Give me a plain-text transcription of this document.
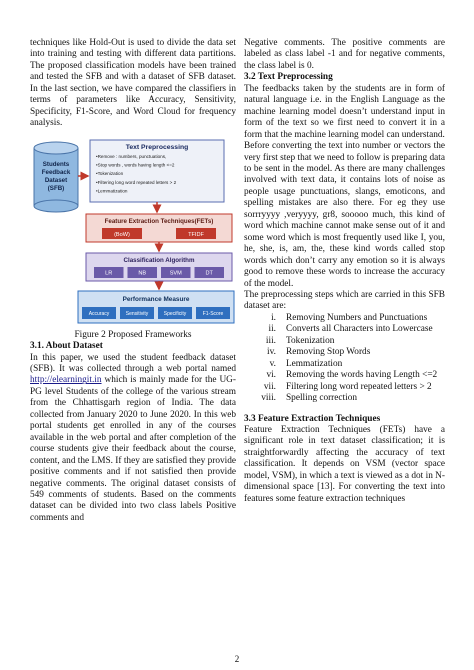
techniques like Hold-Out is used to divide the data set into training and testing with different data partitions. The proposed classification models have been trained and tested the SFB and with a dataset of SFB dataset. In the last section, we have compared the classifiers in terms of parameters like Accuracy, Sensitivity, Specificity, F1-Score, and Word Cloud for frequency analysis.

Students
Feedback
Dataset
(SFB)
Text Preprocessing
•Remove : numbers, punctuations,
•Stop words , words having length <=2
•Tokenization
•Filtering long word repeated letters > 2
•Lemmatization
Feature Extraction Techniques(FETs)
(BoW)	TFIDF
Classification Algorithm
LR	NB	SVM	DT
Performance Measure
Accuracy	Sensitivity	Specificity	F1-Score

Figure 2 Proposed Frameworks

3.1. About Dataset

In this paper, we used the student feedback dataset (SFB). It was collected through a web portal named http://elearningit.in which is mainly made for the UG-PG level Students of the college of the various stream from the Chhattisgarh region of India. The data collected from January 2020 to June 2020. In this web portal students get enrolled in any of the courses available in the web portal and after completion of the course students give their feedback about the course, content, and the LMS. If they are satisfied they provide positive comments and if not satisfied then provide negative comments. The original dataset consists of 549 comments of students. Based on the comments dataset can be divided into two class labels Positive comments and

Negative comments. The positive comments are labeled as class label -1 and for negative comments, the class label is 0.

3.2 Text Preprocessing

The feedbacks taken by the students are in form of natural language i.e. in the English Language as the machine learning model doesn’t understand input in form of the text so we first need to convert it in a form that the machine learning model can understand.

Before converting the text into number or vectors the very first step that we need to follow is preparing data to be sent in the model. As there are many challenges involved with text data, it contains lots of noise as people usage punctuations, slangs, emoticons, and spelling mistakes are also there. For eg they use sorrryyyy ,veryyyy, gr8, sooooo much, this kind of word which machine cannot make sense out of it and some word which is most frequently used like I, you, he, she, is, am, the, these kind words called stop words which don’t carry any emotion so it is always good to remove these words to increase the accuracy of the model.

The preprocessing steps which are carried in this SFB dataset are:

i.	Removing Numbers and Punctuations
ii.	Converts all Characters into Lowercase
iii.	Tokenization
iv.	Removing Stop Words
v.	Lemmatization
vi.	Removing the words having Length <=2
vii.	Filtering long word repeated letters > 2
viii.	Spelling correction
3.3 Feature Extraction Techniques

Feature Extraction Techniques (FETs) have a significant role in text dataset classification; it is straightforwardly affecting the accuracy of text classification. It depends on VSM (vector space model, VSM), in which a text is viewed as a dot in N-dimensional space [13]. For converting the text into features some feature extraction techniques

2
